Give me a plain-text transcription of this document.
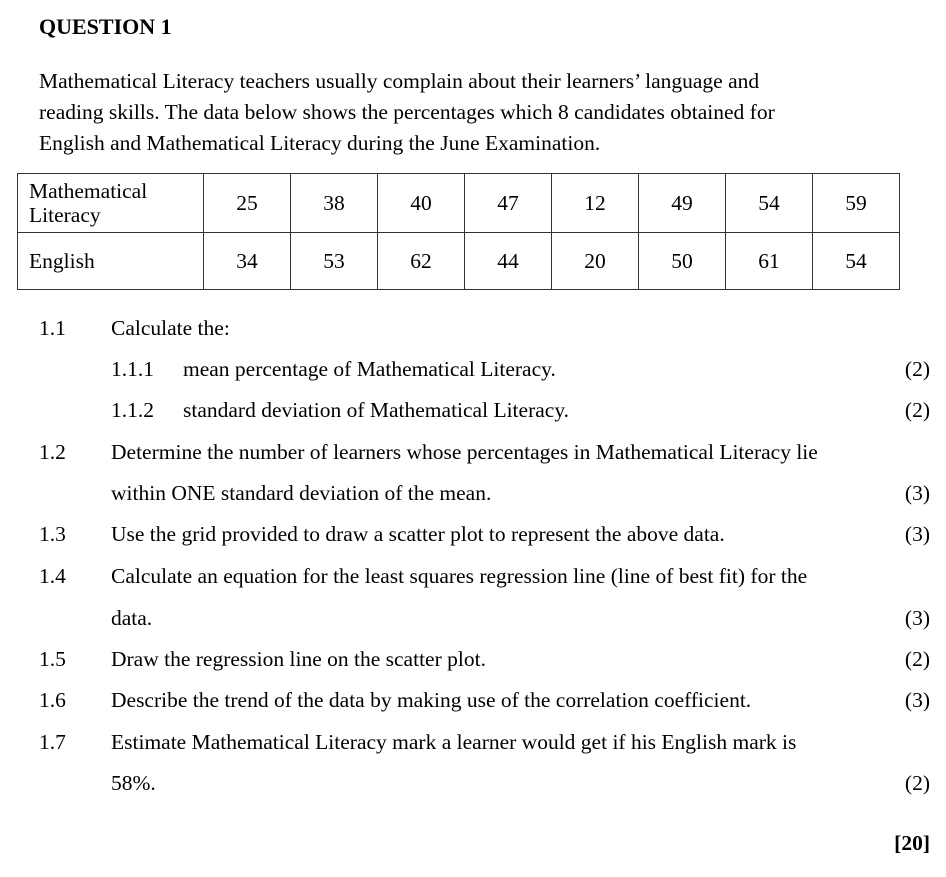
QUESTION 1
Mathematical Literacy teachers usually complain about their learners’ language and
reading skills. The data below shows the percentages which 8 candidates obtained for
English and Mathematical Literacy during the June Examination.
Mathematical
Literacy	25	38	40	47	12	49	54	59
English	34	53	62	44	20	50	61	54
1.1 Calculate the:
1.1.1 mean percentage of Mathematical Literacy.	(2)
1.1.2 standard deviation of Mathematical Literacy.	(2)
1.2 Determine the number of learners whose percentages in Mathematical Literacy lie
within ONE standard deviation of the mean.	(3)
1.3 Use the grid provided to draw a scatter plot to represent the above data.	(3)
1.4 Calculate an equation for the least squares regression line (line of best fit) for the
data.	(3)
1.5 Draw the regression line on the scatter plot.	(2)
1.6 Describe the trend of the data by making use of the correlation coefficient.	(3)
1.7 Estimate Mathematical Literacy mark a learner would get if his English mark is
58%.	(2)
[20]
